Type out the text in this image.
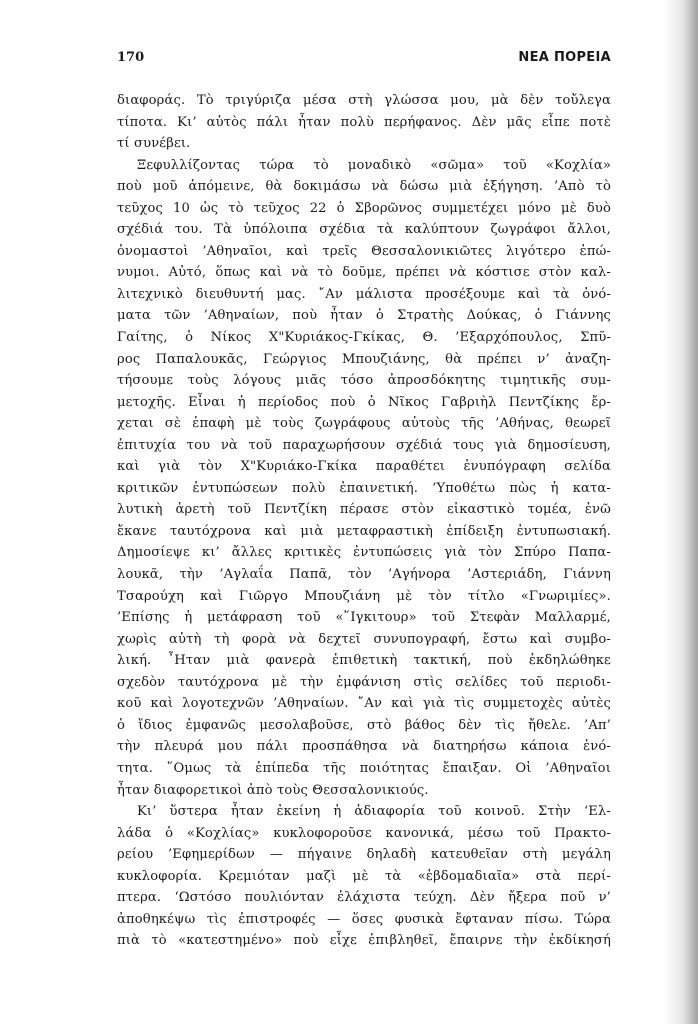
170	ΝΕΑ ΠΟΡΕΙΑ
διαφοράς. Τὸ τριγύριζα μέσα στὴ γλώσσα μου, μὰ δὲν τοὔλεγα
τίποτα. Κι’ αὐτὸς πάλι ἦταν πολὺ περήφανος. Δὲν μᾶς εἶπε ποτὲ
τί συνέβει.
Ξεφυλλίζοντας τώρα τὸ μοναδικὸ «σῶμα» τοῦ «Κοχλία»
ποὺ μοῦ ἀπόμεινε, θὰ δοκιμάσω νὰ δώσω μιὰ ἐξήγηση. ’Απὸ τὸ
τεῦχος 10 ὡς τὸ τεῦχος 22 ὁ Σβορῶνος συμμετέχει μόνο μὲ δυὸ
σχέδιά του. Τὰ ὑπόλοιπα σχέδια τὰ καλύπτουν ζωγράφοι ἄλλοι,
ὀνομαστοὶ ’Αθηναῖοι, καὶ τρεῖς Θεσσαλονικιῶτες λιγότερο ἐπώ-
νυμοι. Αὐτό, ὅπως καὶ νὰ τὸ δοῦμε, πρέπει νὰ κόστισε στὸν καλ-
λιτεχνικὸ διευθυντή μας. ῎Αν μάλιστα προσέξουμε καὶ τὰ ὀνό-
ματα τῶν ’Αθηναίων, ποὺ ἦταν ὁ Στρατὴς Δούκας, ὁ Γιάννης
Γαίτης, ὁ Νίκος Χ"Κυριάκος-Γκίκας, Θ. ’Εξαρχόπουλος, Σπῦ-
ρος Παπαλουκᾶς, Γεώργιος Μπουζιάνης, θὰ πρέπει ν’ ἀναζη-
τήσουμε τοὺς λόγους μιᾶς τόσο ἀπροσδόκητης τιμητικῆς συμ-
μετοχῆς. Εἶναι ἡ περίοδος ποὺ ὁ Νῖκος Γαβριὴλ Πεντζίκης ἔρ-
χεται σὲ ἐπαφὴ μὲ τοὺς ζωγράφους αὐτοὺς τῆς ’Αθήνας, θεωρεῖ
ἐπιτυχία του νὰ τοῦ παραχωρήσουν σχέδιά τους γιὰ δημοσίευση,
καὶ γιὰ τὸν Χ"Κυριάκο-Γκίκα παραθέτει ἐνυπόγραφη σελίδα
κριτικῶν ἐντυπώσεων πολὺ ἐπαινετική. ‘Υποθέτω πὼς ἡ κατα-
λυτικὴ ἀρετὴ τοῦ Πεντζίκη πέρασε στὸν εἰκαστικὸ τομέα, ἐνῶ
ἔκανε ταυτόχρονα καὶ μιὰ μεταφραστικὴ ἐπίδειξη ἐντυπωσιακή.
Δημοσίεψε κι’ ἄλλες κριτικὲς ἐντυπώσεις γιὰ τὸν Σπύρο Παπα-
λουκᾶ, τὴν ’Αγλαΐα Παπᾶ, τὸν ’Αγήνορα ’Αστεριάδη, Γιάννη
Τσαρούχη καὶ Γιῶργο Μπουζιάνη μὲ τὸν τίτλο «Γνωριμίες».
’Επίσης ἡ μετάφραση τοῦ «῞Ιγκιτουρ» τοῦ Στεφὰν Μαλλαρμέ,
χωρὶς αὐτὴ τὴ φορὰ νὰ δεχτεῖ συνυπογραφή, ἔστω καὶ συμβο-
λική. ῏Ηταν μιὰ φανερὰ ἐπιθετικὴ τακτική, ποὺ ἐκδηλώθηκε
σχεδὸν ταυτόχρονα μὲ τὴν ἐμφάνιση στὶς σελίδες τοῦ περιοδι-
κοῦ καὶ λογοτεχνῶν ’Αθηναίων. ῎Αν καὶ γιὰ τὶς συμμετοχὲς αὐτὲς
ὁ ἴδιος ἐμφανῶς μεσολαβοῦσε, στὸ βάθος δὲν τὶς ἤθελε. ’Απ’
τὴν πλευρά μου πάλι προσπάθησα νὰ διατηρήσω κάποια ἑνό-
τητα. ῞Ομως τὰ ἐπίπεδα τῆς ποιότητας ἔπαιξαν. Οἱ ’Αθηναῖοι
ἦταν διαφορετικοὶ ἀπὸ τοὺς Θεσσαλονικιούς.
Κι’ ὕστερα ἦταν ἐκείνη ἡ ἀδιαφορία τοῦ κοινοῦ. Στὴν ‘Ελ-
λάδα ὁ «Κοχλίας» κυκλοφοροῦσε κανονικά, μέσω τοῦ Πρακτο-
ρείου ’Εφημερίδων — πήγαινε δηλαδὴ κατευθεῖαν στὴ μεγάλη
κυκλοφορία. Κρεμιόταν μαζὶ μὲ τὰ «ἑβδομαδιαῖα» στὰ περί-
πτερα. ‘Ωστόσο πουλιόνταν ἐλάχιστα τεύχη. Δὲν ἤξερα ποῦ ν’
ἀποθηκέψω τὶς ἐπιστροφές — ὅσες φυσικὰ ἔφταναν πίσω. Τώρα
πιὰ τὸ «κατεστημένο» ποὺ εἶχε ἐπιβληθεῖ, ἔπαιρνε τὴν ἐκδίκησή
